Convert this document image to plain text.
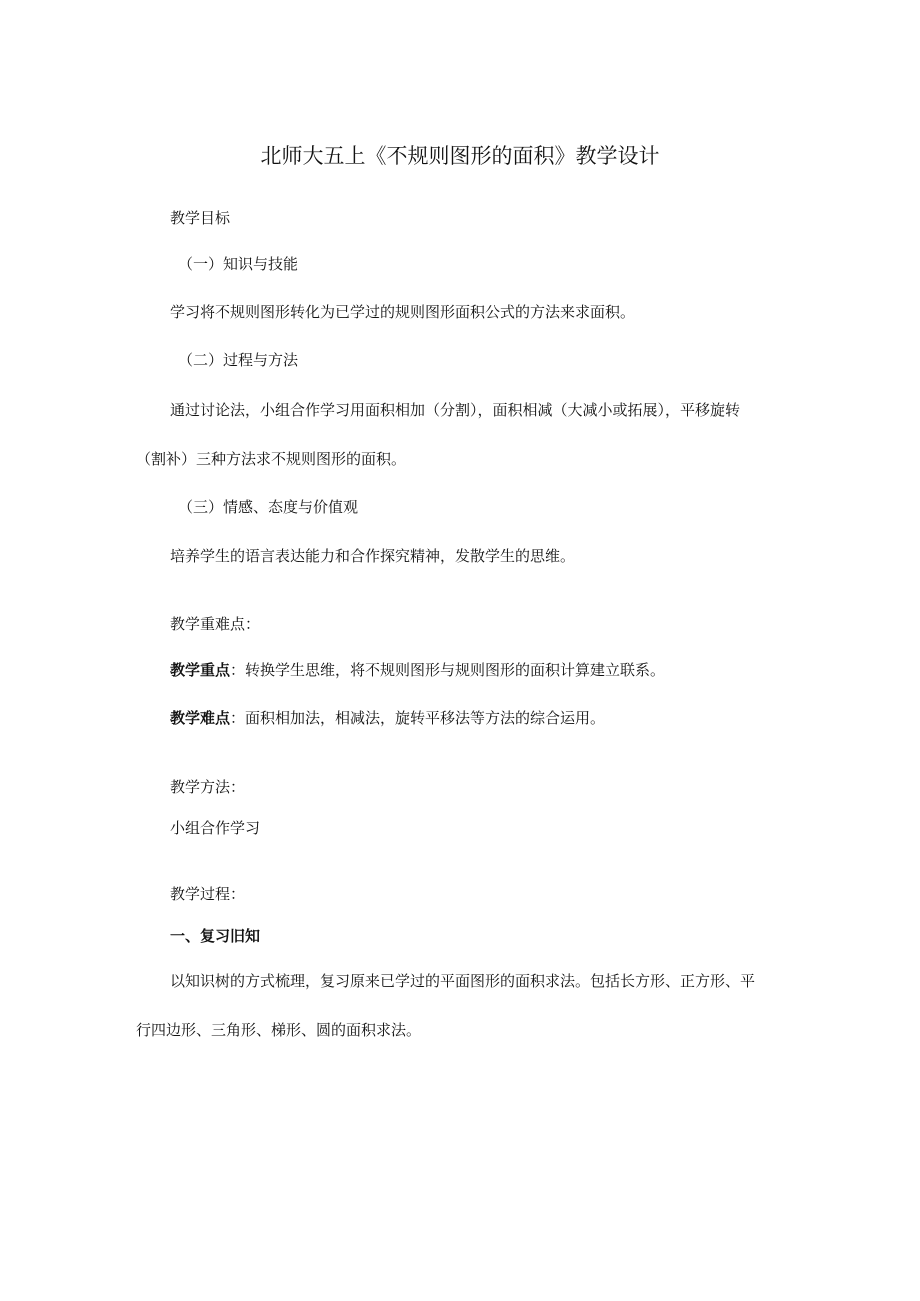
北师大五上《不规则图形的面积》教学设计

教学目标

（一）知识与技能

学习将不规则图形转化为已学过的规则图形面积公式的方法来求面积。

（二）过程与方法

通过讨论法，小组合作学习用面积相加（分割），面积相减（大减小或拓展），平移旋转

（割补）三种方法求不规则图形的面积。

（三）情感、态度与价值观

培养学生的语言表达能力和合作探究精神，发散学生的思维。

教学重难点：

教学重点：转换学生思维，将不规则图形与规则图形的面积计算建立联系。

教学难点：面积相加法，相减法，旋转平移法等方法的综合运用。

教学方法：

小组合作学习

教学过程：

一、复习旧知

以知识树的方式梳理，复习原来已学过的平面图形的面积求法。包括长方形、正方形、平

行四边形、三角形、梯形、圆的面积求法。
